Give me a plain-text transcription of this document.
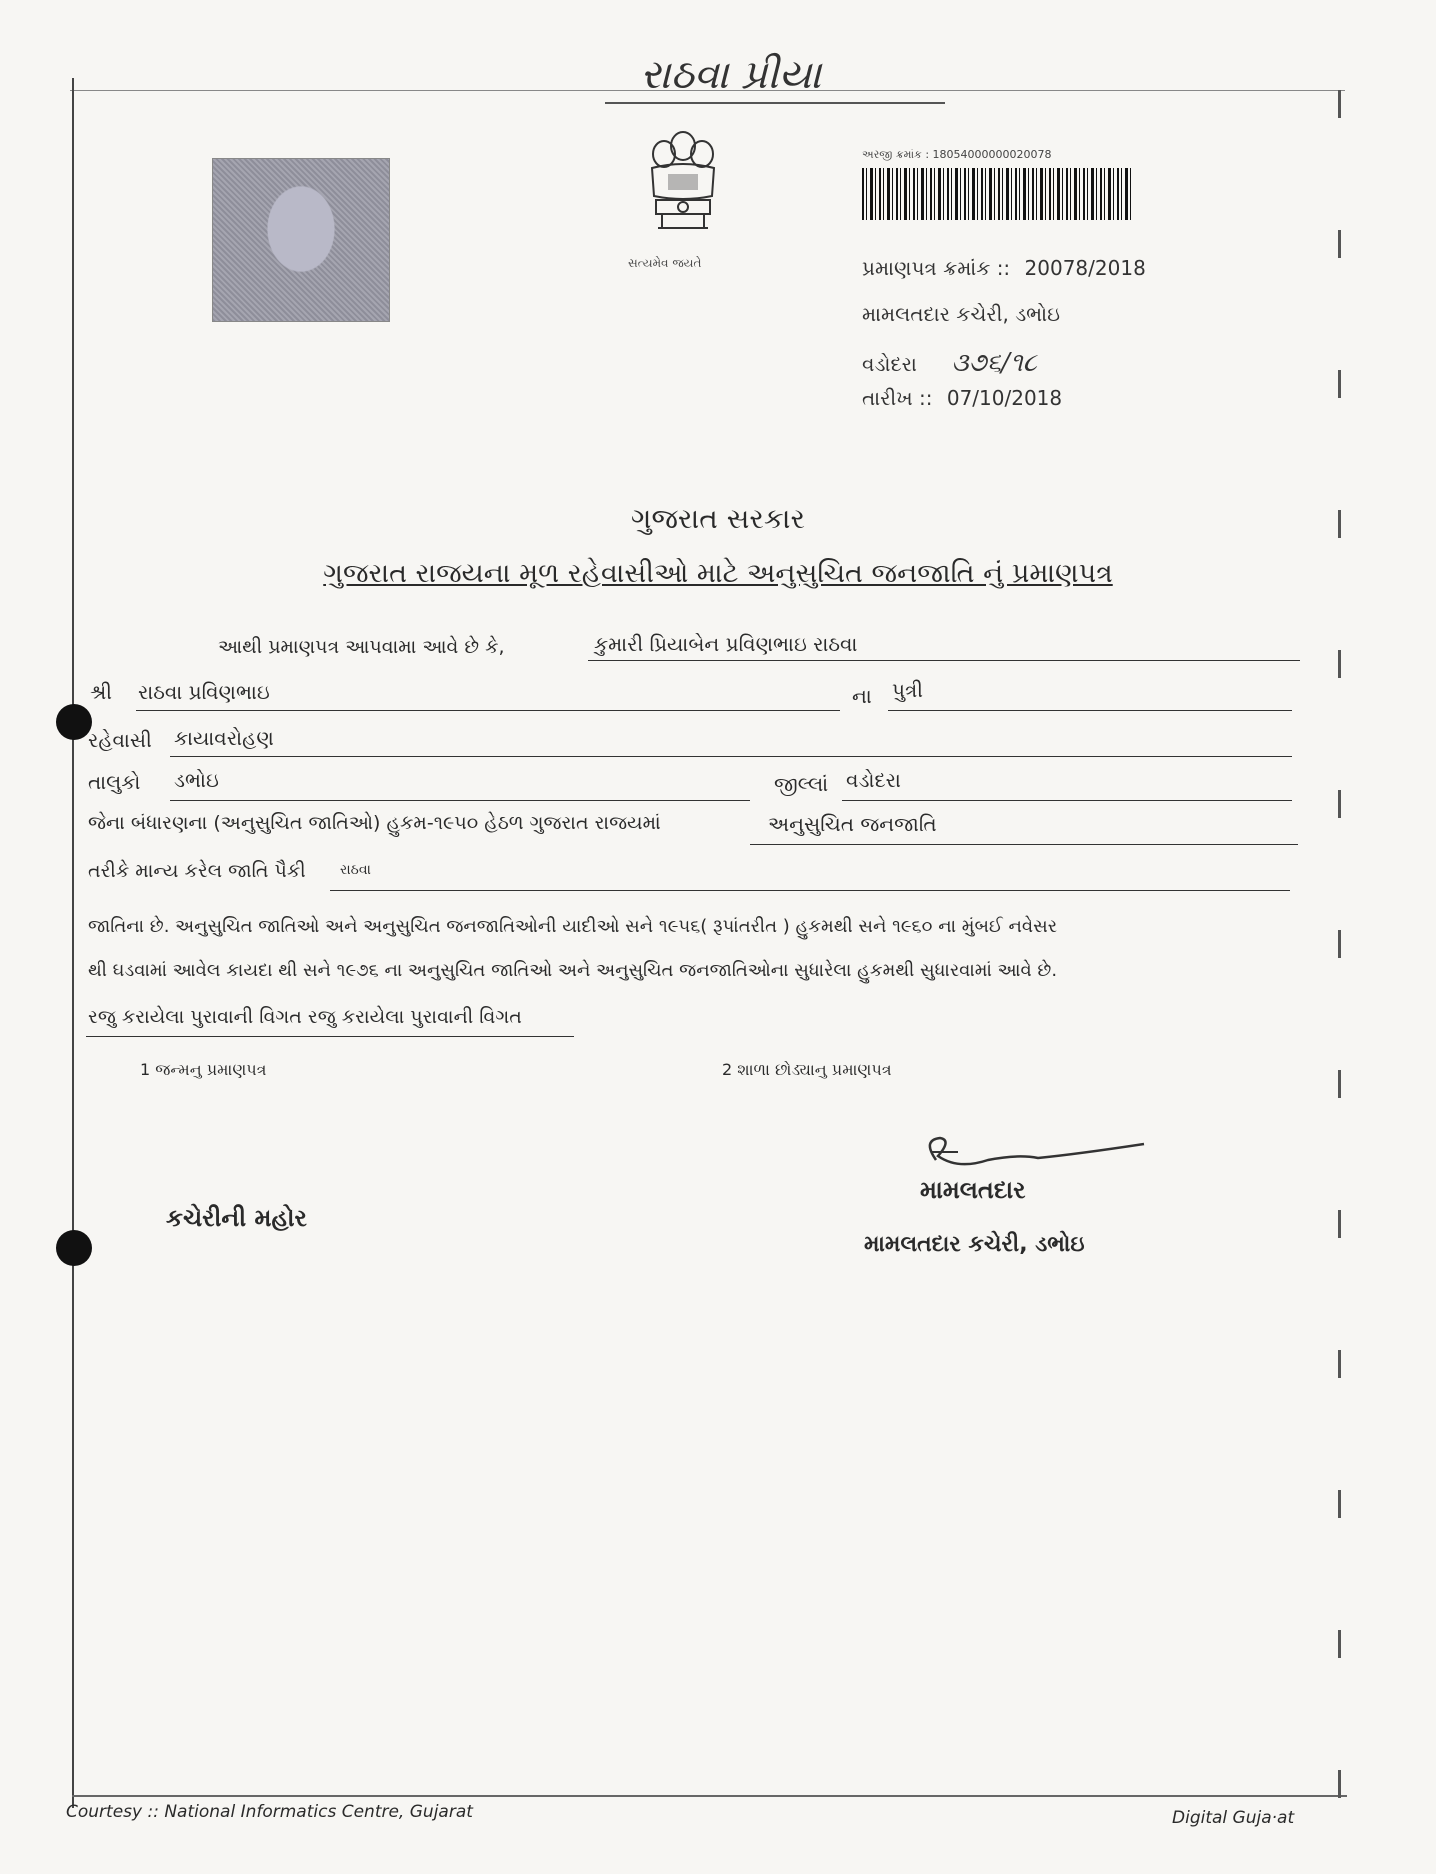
રાઠવા પ્રીયા
સત્યમેવ જયતે
અરજી ક્રમાંક : 18054000000020078
પ્રમાણપત્ર ક્રમાંક :: 20078/2018
મામલતદાર કચેરી, ડભોઇ
વડોદરા ૩૭૬/૧૮
તારીખ :: 07/10/2018
ગુજરાત સરકાર
ગુજરાત રાજયના મૂળ રહેવાસીઓ માટે અનુસુચિત જનજાતિ નું પ્રમાણપત્ર
આથી પ્રમાણપત્ર આપવામા આવે છે કે,	કુમારી પ્રિયાબેન પ્રવિણભાઇ રાઠવા
શ્રી રાઠવા પ્રવિણભાઇ	ના પુત્રી
રહેવાસી કાયાવરોહણ
તાલુકો ડભોઇ	જીલ્લાં વડોદરા
જેના બંધારણના (અનુસુચિત જાતિઓ) હુકમ-૧૯૫૦ હેઠળ ગુજરાત રાજયમાં	અનુસુચિત જનજાતિ
તરીકે માન્ય કરેલ જાતિ પૈકી રાઠવા
જાતિના છે. અનુસુચિત જાતિઓ અને અનુસુચિત જનજાતિઓની યાદીઓ સને ૧૯૫૬( રૂપાંતરીત ) હુકમથી સને ૧૯૬૦ ના મુંબઈ નવેસર
થી ઘડવામાં આવેલ કાયદા થી સને ૧૯૭૬ ના અનુસુચિત જાતિઓ અને અનુસુચિત જનજાતિઓના સુધારેલા હુકમથી સુધારવામાં આવે છે.
રજુ કરાયેલા પુરાવાની વિગત રજુ કરાયેલા પુરાવાની વિગત
1 જન્મનુ પ્રમાણપત્ર	2 શાળા છોડ્યાનુ પ્રમાણપત્ર
મામલતદાર
કચેરીની મહોર
મામલતદાર કચેરી, ડભોઇ
Courtesy :: National Informatics Centre, Gujarat	Digital Guja·at
